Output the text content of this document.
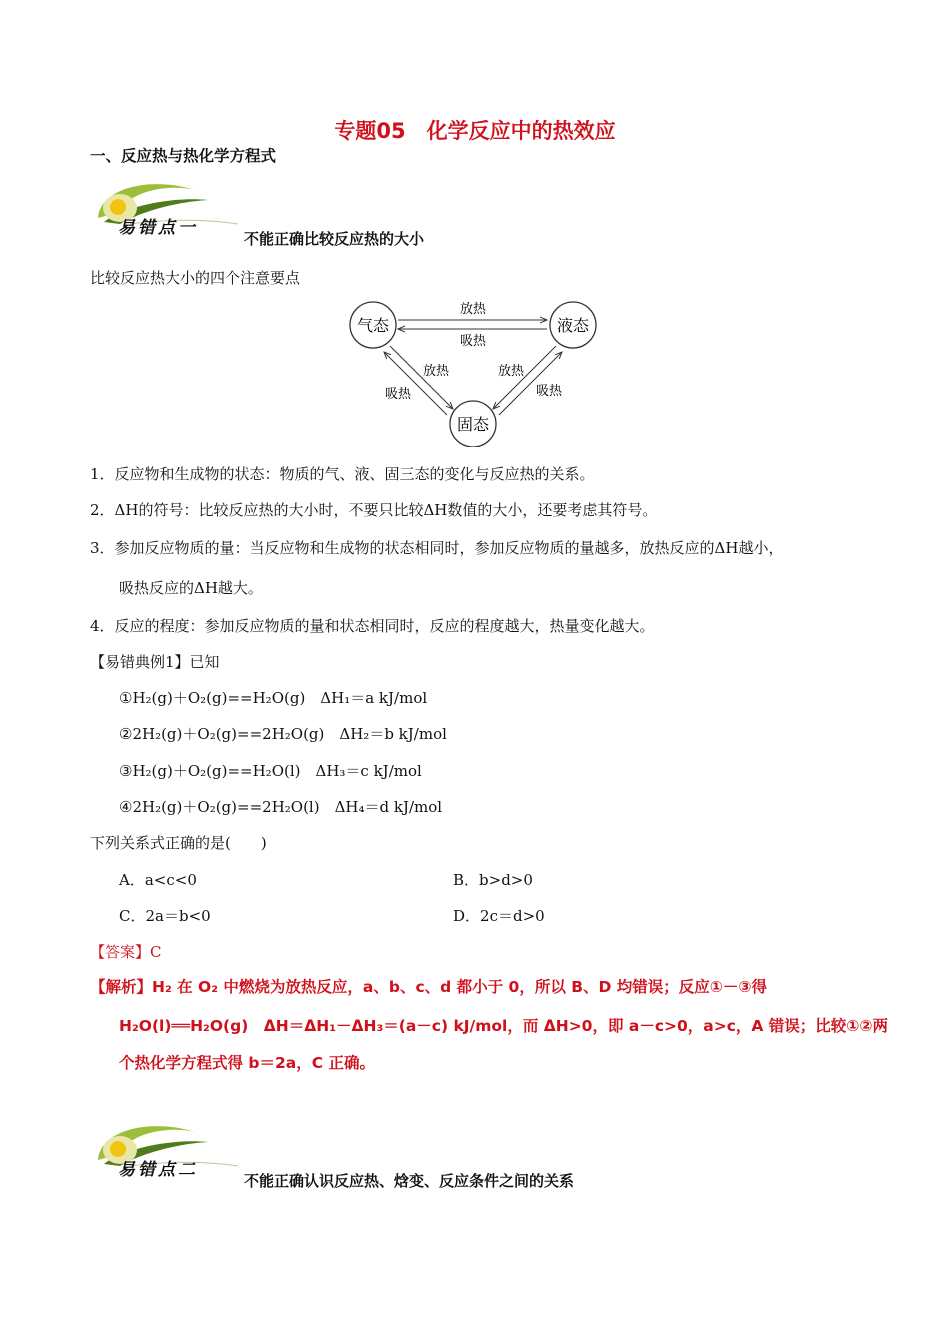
专题05　化学反应中的热效应
一、反应热与热化学方程式
易错点一
不能正确比较反应热的大小
比较反应热大小的四个注意要点
气态	液态
固态
放热
吸热
放热
吸热
放热
吸热
1．反应物和生成物的状态：物质的气、液、固三态的变化与反应热的关系。
2．ΔH的符号：比较反应热的大小时，不要只比较ΔH数值的大小，还要考虑其符号。
3．参加反应物质的量：当反应物和生成物的状态相同时，参加反应物质的量越多，放热反应的ΔH越小，
吸热反应的ΔH越大。
4．反应的程度：参加反应物质的量和状态相同时，反应的程度越大，热量变化越大。
【易错典例1】已知
①H₂(g)＋O₂(g)==H₂O(g)　ΔH₁＝a kJ/mol
②2H₂(g)＋O₂(g)==2H₂O(g)　ΔH₂＝b kJ/mol
③H₂(g)＋O₂(g)==H₂O(l)　ΔH₃＝c kJ/mol
④2H₂(g)＋O₂(g)==2H₂O(l)　ΔH₄＝d kJ/mol
下列关系式正确的是(　　)
A．a<c<0	B．b>d>0
C．2a＝b<0	D．2c＝d>0
【答案】C
【解析】H₂ 在 O₂ 中燃烧为放热反应，a、b、c、d 都小于 0，所以 B、D 均错误；反应①－③得
H₂O(l)══H₂O(g)　ΔH＝ΔH₁－ΔH₃＝(a－c) kJ/mol，而 ΔH>0，即 a－c>0，a>c，A 错误；比较①②两
个热化学方程式得 b＝2a，C 正确。
易错点二
不能正确认识反应热、焓变、反应条件之间的关系
